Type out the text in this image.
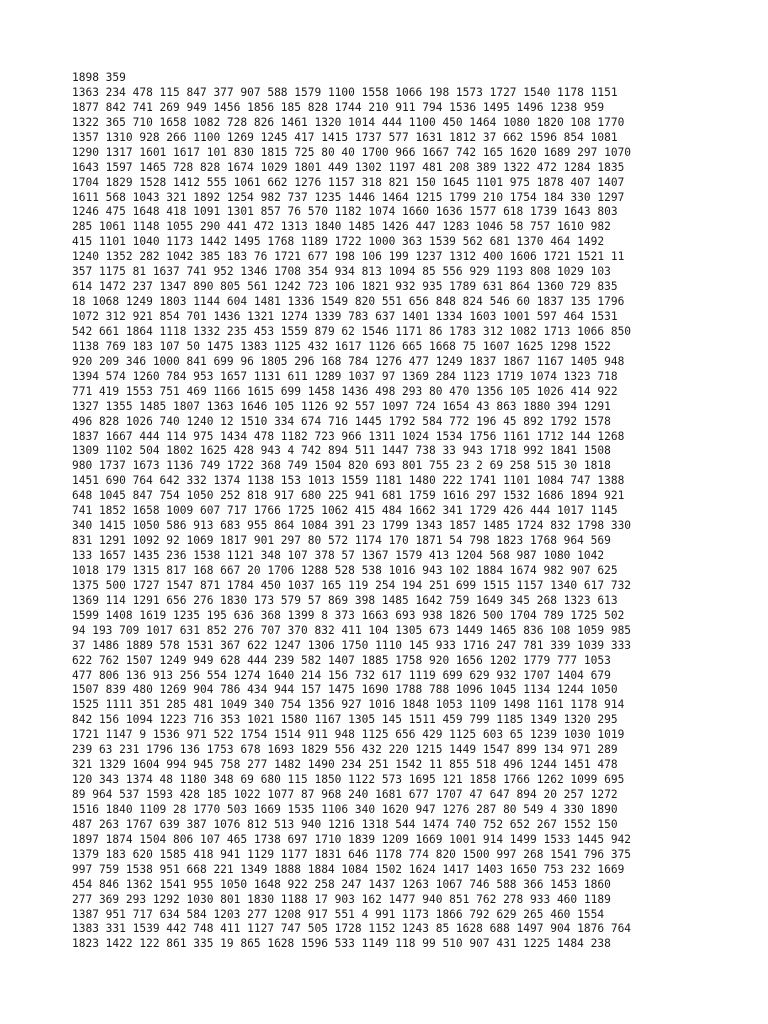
1898 359
1363 234 478 115 847 377 907 588 1579 1100 1558 1066 198 1573 1727 1540 1178 1151
1877 842 741 269 949 1456 1856 185 828 1744 210 911 794 1536 1495 1496 1238 959
1322 365 710 1658 1082 728 826 1461 1320 1014 444 1100 450 1464 1080 1820 108 1770
1357 1310 928 266 1100 1269 1245 417 1415 1737 577 1631 1812 37 662 1596 854 1081
1290 1317 1601 1617 101 830 1815 725 80 40 1700 966 1667 742 165 1620 1689 297 1070
1643 1597 1465 728 828 1674 1029 1801 449 1302 1197 481 208 389 1322 472 1284 1835
1704 1829 1528 1412 555 1061 662 1276 1157 318 821 150 1645 1101 975 1878 407 1407
1611 568 1043 321 1892 1254 982 737 1235 1446 1464 1215 1799 210 1754 184 330 1297
1246 475 1648 418 1091 1301 857 76 570 1182 1074 1660 1636 1577 618 1739 1643 803
285 1061 1148 1055 290 441 472 1313 1840 1485 1426 447 1283 1046 58 757 1610 982
415 1101 1040 1173 1442 1495 1768 1189 1722 1000 363 1539 562 681 1370 464 1492
1240 1352 282 1042 385 183 76 1721 677 198 106 199 1237 1312 400 1606 1721 1521 11
357 1175 81 1637 741 952 1346 1708 354 934 813 1094 85 556 929 1193 808 1029 103
614 1472 237 1347 890 805 561 1242 723 106 1821 932 935 1789 631 864 1360 729 835
18 1068 1249 1803 1144 604 1481 1336 1549 820 551 656 848 824 546 60 1837 135 1796
1072 312 921 854 701 1436 1321 1274 1339 783 637 1401 1334 1603 1001 597 464 1531
542 661 1864 1118 1332 235 453 1559 879 62 1546 1171 86 1783 312 1082 1713 1066 850
1138 769 183 107 50 1475 1383 1125 432 1617 1126 665 1668 75 1607 1625 1298 1522
920 209 346 1000 841 699 96 1805 296 168 784 1276 477 1249 1837 1867 1167 1405 948
1394 574 1260 784 953 1657 1131 611 1289 1037 97 1369 284 1123 1719 1074 1323 718
771 419 1553 751 469 1166 1615 699 1458 1436 498 293 80 470 1356 105 1026 414 922
1327 1355 1485 1807 1363 1646 105 1126 92 557 1097 724 1654 43 863 1880 394 1291
496 828 1026 740 1240 12 1510 334 674 716 1445 1792 584 772 196 45 892 1792 1578
1837 1667 444 114 975 1434 478 1182 723 966 1311 1024 1534 1756 1161 1712 144 1268
1309 1102 504 1802 1625 428 943 4 742 894 511 1447 738 33 943 1718 992 1841 1508
980 1737 1673 1136 749 1722 368 749 1504 820 693 801 755 23 2 69 258 515 30 1818
1451 690 764 642 332 1374 1138 153 1013 1559 1181 1480 222 1741 1101 1084 747 1388
648 1045 847 754 1050 252 818 917 680 225 941 681 1759 1616 297 1532 1686 1894 921
741 1852 1658 1009 607 717 1766 1725 1062 415 484 1662 341 1729 426 444 1017 1145
340 1415 1050 586 913 683 955 864 1084 391 23 1799 1343 1857 1485 1724 832 1798 330
831 1291 1092 92 1069 1817 901 297 80 572 1174 170 1871 54 798 1823 1768 964 569
133 1657 1435 236 1538 1121 348 107 378 57 1367 1579 413 1204 568 987 1080 1042
1018 179 1315 817 168 667 20 1706 1288 528 538 1016 943 102 1884 1674 982 907 625
1375 500 1727 1547 871 1784 450 1037 165 119 254 194 251 699 1515 1157 1340 617 732
1369 114 1291 656 276 1830 173 579 57 869 398 1485 1642 759 1649 345 268 1323 613
1599 1408 1619 1235 195 636 368 1399 8 373 1663 693 938 1826 500 1704 789 1725 502
94 193 709 1017 631 852 276 707 370 832 411 104 1305 673 1449 1465 836 108 1059 985
37 1486 1889 578 1531 367 622 1247 1306 1750 1110 145 933 1716 247 781 339 1039 333
622 762 1507 1249 949 628 444 239 582 1407 1885 1758 920 1656 1202 1779 777 1053
477 806 136 913 256 554 1274 1640 214 156 732 617 1119 699 629 932 1707 1404 679
1507 839 480 1269 904 786 434 944 157 1475 1690 1788 788 1096 1045 1134 1244 1050
1525 1111 351 285 481 1049 340 754 1356 927 1016 1848 1053 1109 1498 1161 1178 914
842 156 1094 1223 716 353 1021 1580 1167 1305 145 1511 459 799 1185 1349 1320 295
1721 1147 9 1536 971 522 1754 1514 911 948 1125 656 429 1125 603 65 1239 1030 1019
239 63 231 1796 136 1753 678 1693 1829 556 432 220 1215 1449 1547 899 134 971 289
321 1329 1604 994 945 758 277 1482 1490 234 251 1542 11 855 518 496 1244 1451 478
120 343 1374 48 1180 348 69 680 115 1850 1122 573 1695 121 1858 1766 1262 1099 695
89 964 537 1593 428 185 1022 1077 87 968 240 1681 677 1707 47 647 894 20 257 1272
1516 1840 1109 28 1770 503 1669 1535 1106 340 1620 947 1276 287 80 549 4 330 1890
487 263 1767 639 387 1076 812 513 940 1216 1318 544 1474 740 752 652 267 1552 150
1897 1874 1504 806 107 465 1738 697 1710 1839 1209 1669 1001 914 1499 1533 1445 942
1379 183 620 1585 418 941 1129 1177 1831 646 1178 774 820 1500 997 268 1541 796 375
997 759 1538 951 668 221 1349 1888 1884 1084 1502 1624 1417 1403 1650 753 232 1669
454 846 1362 1541 955 1050 1648 922 258 247 1437 1263 1067 746 588 366 1453 1860
277 369 293 1292 1030 801 1830 1188 17 903 162 1477 940 851 762 278 933 460 1189
1387 951 717 634 584 1203 277 1208 917 551 4 991 1173 1866 792 629 265 460 1554
1383 331 1539 442 748 411 1127 747 505 1728 1152 1243 85 1628 688 1497 904 1876 764
1823 1422 122 861 335 19 865 1628 1596 533 1149 118 99 510 907 431 1225 1484 238
